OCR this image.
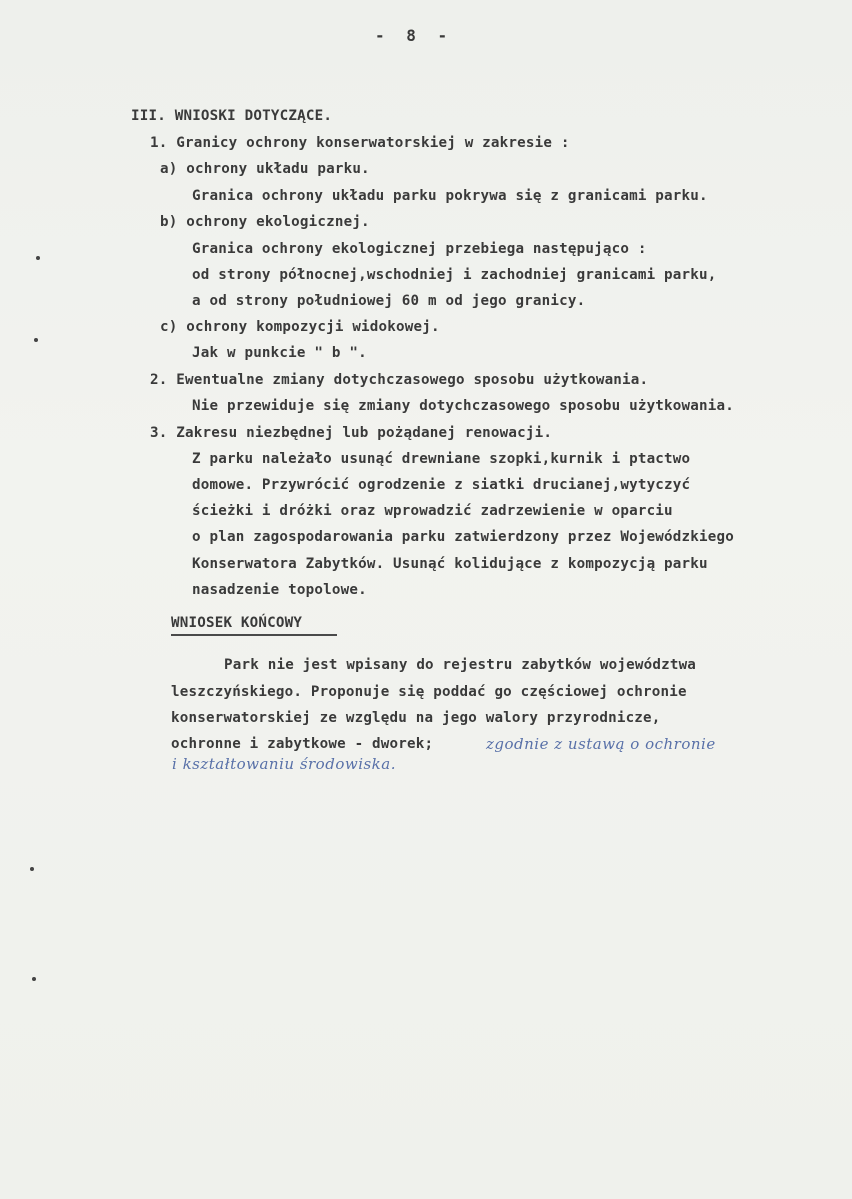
- 8 -
III. WNIOSKI DOTYCZĄCE.
1. Granicy ochrony konserwatorskiej w zakresie :
a) ochrony układu parku.
Granica ochrony układu parku pokrywa się z granicami parku.
b) ochrony ekologicznej.
Granica ochrony ekologicznej przebiega następująco :
od strony północnej,wschodniej i zachodniej granicami parku,
a od strony południowej 60 m od jego granicy.
c) ochrony kompozycji widokowej.
Jak w punkcie " b ".
2. Ewentualne zmiany dotychczasowego sposobu użytkowania.
Nie przewiduje się zmiany dotychczasowego sposobu użytkowania.
3. Zakresu niezbędnej lub pożądanej renowacji.
Z parku należało usunąć drewniane szopki,kurnik i ptactwo
domowe. Przywrócić ogrodzenie z siatki drucianej,wytyczyć
ścieżki i dróżki oraz wprowadzić zadrzewienie w oparciu
o plan zagospodarowania parku zatwierdzony przez Wojewódzkiego
Konserwatora Zabytków. Usunąć kolidujące z kompozycją parku
nasadzenie topolowe.
WNIOSEK KOŃCOWY
Park nie jest wpisany do rejestru zabytków województwa
leszczyńskiego. Proponuje się poddać go częściowej ochronie
konserwatorskiej ze względu na jego walory przyrodnicze,
ochronne i zabytkowe - dworek;	zgodnie z ustawą o ochronie
i kształtowaniu środowiska.
